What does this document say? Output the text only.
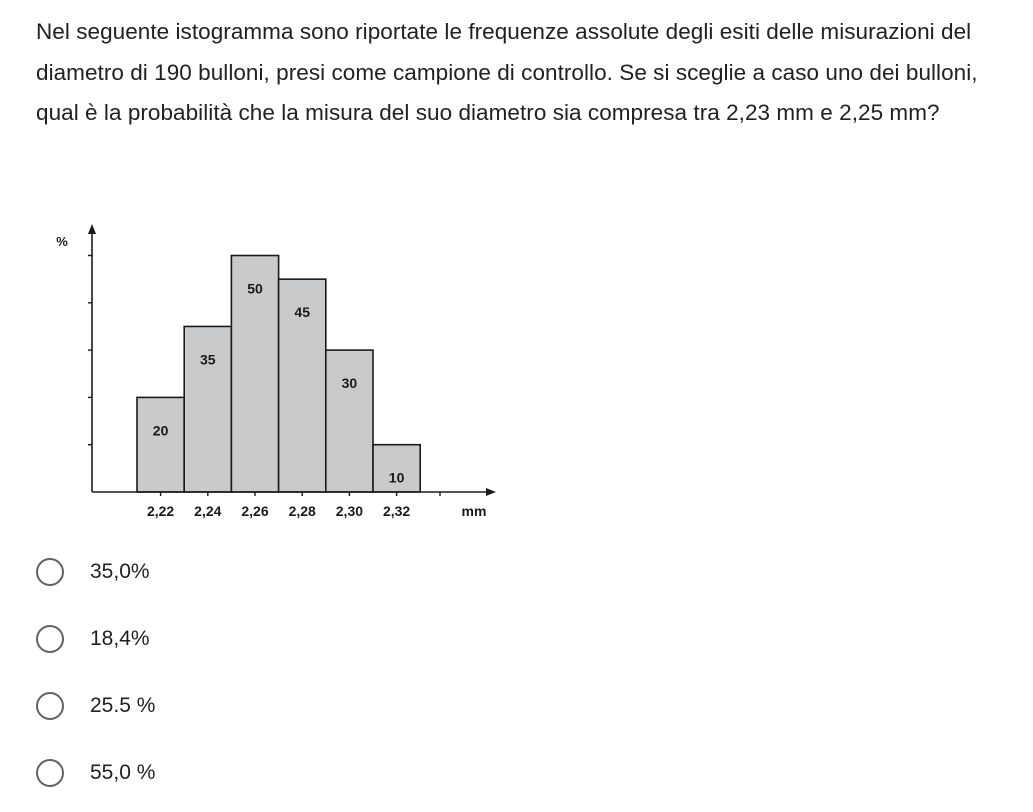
Nel seguente istogramma sono riportate le frequenze assolute degli esiti delle misurazioni del diametro di 190 bulloni, presi come campione di controllo. Se si sceglie a caso uno dei bulloni, qual è la probabilità che la misura del suo diametro sia compresa tra 2,23 mm e 2,25 mm?

20
35
50
45
30
10
%
2,22 2,24 2,26 2,28 2,30 2,32	mm
35,0%
18,4%
25.5 %
55,0 %
